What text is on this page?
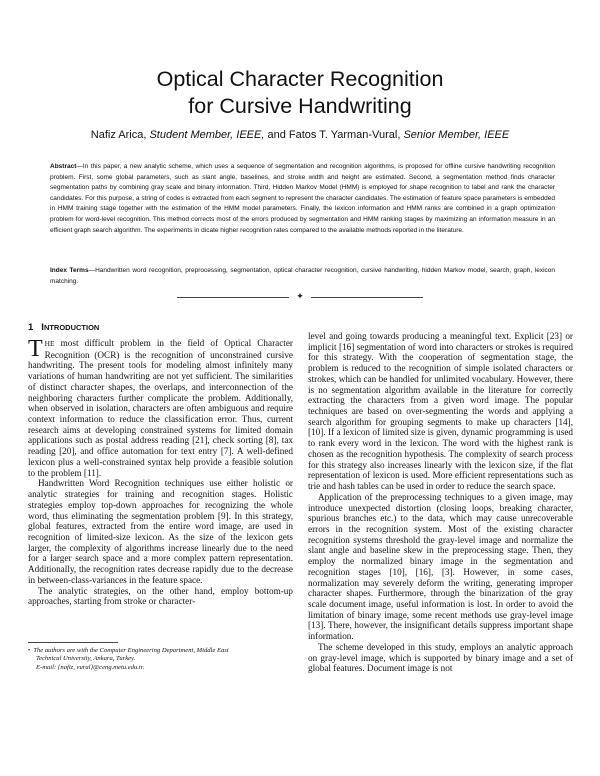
Optical Character Recognition
for Cursive Handwriting
Nafiz Arica, Student Member, IEEE, and Fatos T. Yarman-Vural, Senior Member, IEEE
Abstract—In this paper, a new analytic scheme, which uses a sequence of segmentation and recognition algorithms, is proposed for offline cursive handwriting recognition problem. First, some global parameters, such as slant angle, baselines, and stroke width and height are estimated. Second, a segmentation method finds character segmentation paths by combining gray scale and binary information. Third, Hidden Markov Model (HMM) is employed for shape recognition to label and rank the character candidates. For this purpose, a string of codes is extracted from each segment to represent the character candidates. The estimation of feature space parameters is embedded in HMM training stage together with the estimation of the HMM model parameters. Finally, the lexicon information and HMM ranks are combined in a graph optimization problem for word-level recognition. This method corrects most of the errors produced by segmentation and HMM ranking stages by maximizing an information measure in an efficient graph search algorithm. The experiments in dicate higher recognition rates compared to the available methods reported in the literature.
Index Terms—Handwritten word recognition, preprocessing, segmentation, optical character recognition, cursive handwriting, hidden Markov model, search, graph, lexicon matching.
✦
1 INTRODUCTION

THE most difficult problem in the field of Optical Character Recognition (OCR) is the recognition of unconstrained cursive handwriting. The present tools for modeling almost infinitely many variations of human handwriting are not yet sufficient. The similarities of distinct character shapes, the overlaps, and interconnection of the neighboring characters further complicate the problem. Additionally, when observed in isolation, characters are often ambiguous and require context information to reduce the classification error. Thus, current research aims at developing constrained systems for limited domain applications such as postal address reading [21], check sorting [8], tax reading [20], and office automation for text entry [7]. A well-defined lexicon plus a well-constrained syntax help provide a feasible solution to the problem [11].

Handwritten Word Recognition techniques use either holistic or analytic strategies for training and recognition stages. Holistic strategies employ top-down approaches for recognizing the whole word, thus eliminating the segmentation problem [9]. In this strategy, global features, extracted from the entire word image, are used in recognition of limited-size lexicon. As the size of the lexicon gets larger, the complexity of algorithms increase linearly due to the need for a larger search space and a more complex pattern representation. Additionally, the recognition rates decrease rapidly due to the decrease in between-class-variances in the feature space.

The analytic strategies, on the other hand, employ bottom-up approaches, starting from stroke or character-

level and going towards producing a meaningful text. Explicit [23] or implicit [16] segmentation of word into characters or strokes is required for this strategy. With the cooperation of segmentation stage, the problem is reduced to the recognition of simple isolated characters or strokes, which can be handled for unlimited vocabulary. However, there is no segmentation algorithm available in the literature for correctly extracting the characters from a given word image. The popular techniques are based on over-segmenting the words and applying a search algorithm for grouping segments to make up characters [14], [10]. If a lexicon of limited size is given, dynamic programming is used to rank every word in the lexicon. The word with the highest rank is chosen as the recognition hypothesis. The complexity of search process for this strategy also increases linearly with the lexicon size, if the flat representation of lexicon is used. More efficient representations such as trie and hash tables can be used in order to reduce the search space.

Application of the preprocessing techniques to a given image, may introduce unexpected distortion (closing loops, breaking character, spurious branches etc.) to the data, which may cause unrecoverable errors in the recognition system. Most of the existing character recognition systems threshold the gray-level image and normalize the slant angle and baseline skew in the preprocessing stage. Then, they employ the normalized binary image in the segmentation and recognition stages [10], [16], [3]. However, in some cases, normalization may severely deform the writing, generating improper character shapes. Furthermore, through the binarization of the gray scale document image, useful information is lost. In order to avoid the limitation of binary image, some recent methods use gray-level image [13]. There, however, the insignificant details suppress important shape information.

The scheme developed in this study, employs an analytic approach on gray-level image, which is supported by binary image and a set of global features. Document image is not

• The authors are with the Computer Engineering Department, Middle East
Technical University, Ankara, Turkey.
E-mail: {nafiz, vural}@ceng.metu.edu.tr.
